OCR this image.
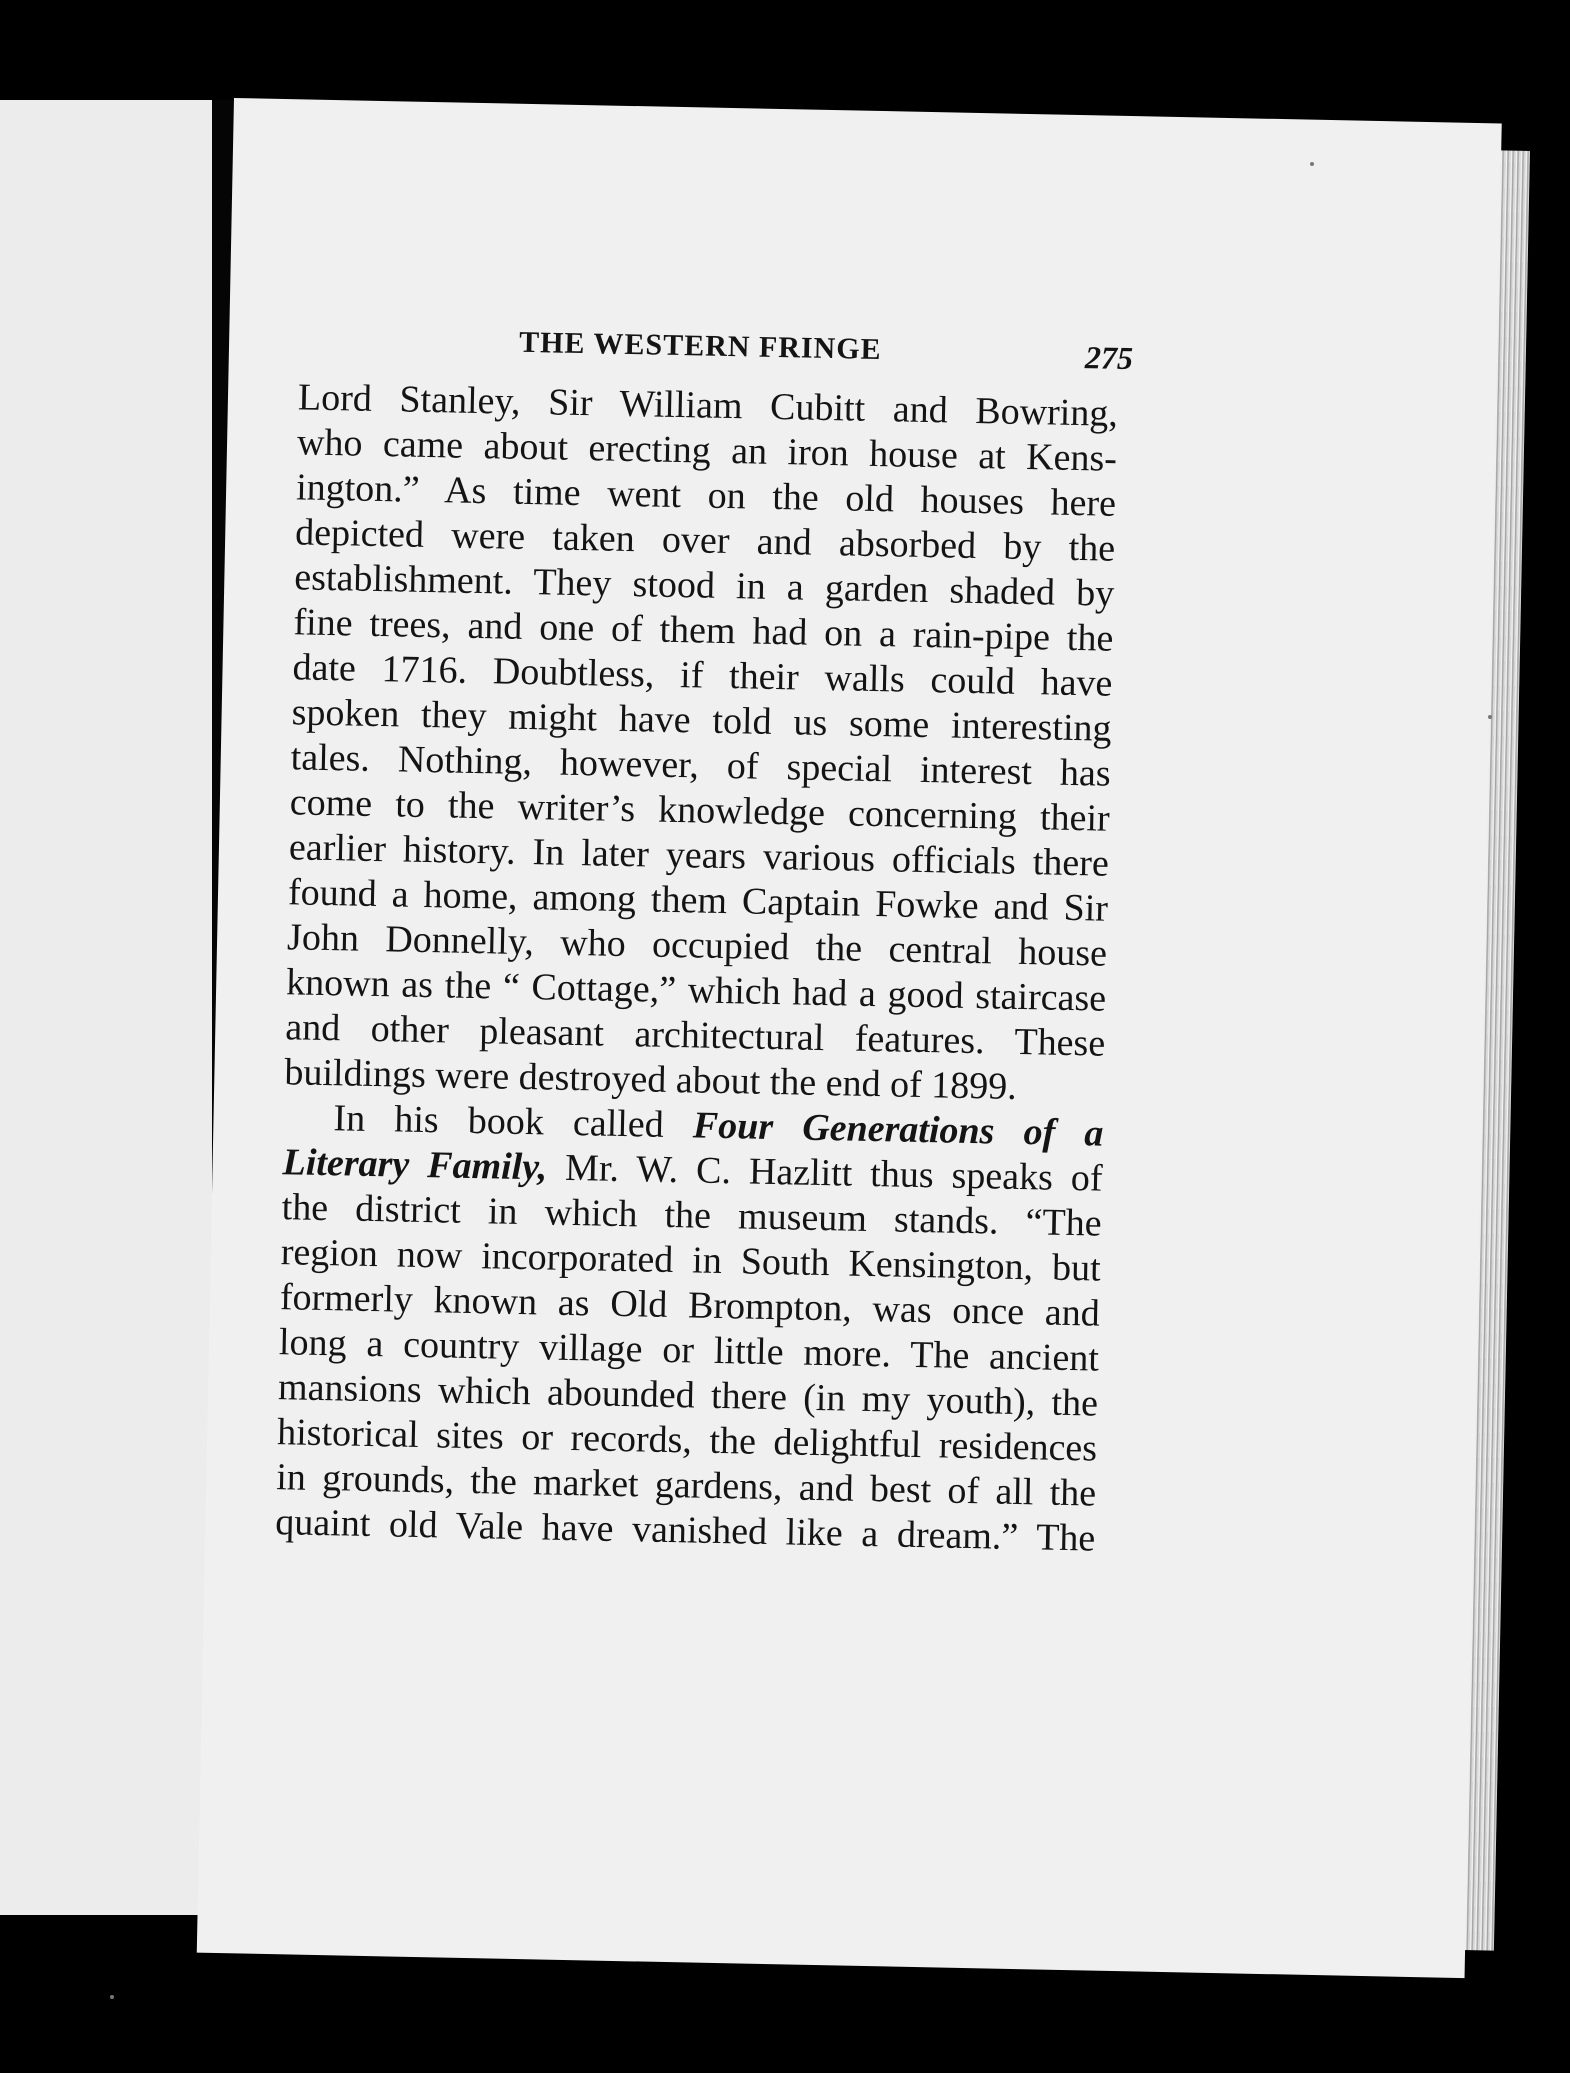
THE WESTERN FRINGE	275
Lord Stanley, Sir William Cubitt and Bowring,
who came about erecting an iron house at Kens-
ington.” As time went on the old houses here
depicted were taken over and absorbed by the
establishment. They stood in a garden shaded by
fine trees, and one of them had on a rain-pipe the
date 1716. Doubtless, if their walls could have
spoken they might have told us some interesting
tales. Nothing, however, of special interest has
come to the writer’s knowledge concerning their
earlier history. In later years various officials there
found a home, among them Captain Fowke and Sir
John Donnelly, who occupied the central house
known as the “ Cottage,” which had a good staircase
and other pleasant architectural features. These
buildings were destroyed about the end of 1899.
In his book called Four Generations of a
Literary Family, Mr. W. C. Hazlitt thus speaks of
the district in which the museum stands. “The
region now incorporated in South Kensington, but
formerly known as Old Brompton, was once and
long a country village or little more. The ancient
mansions which abounded there (in my youth), the
historical sites or records, the delightful residences
in grounds, the market gardens, and best of all the
quaint old Vale have vanished like a dream.” The
